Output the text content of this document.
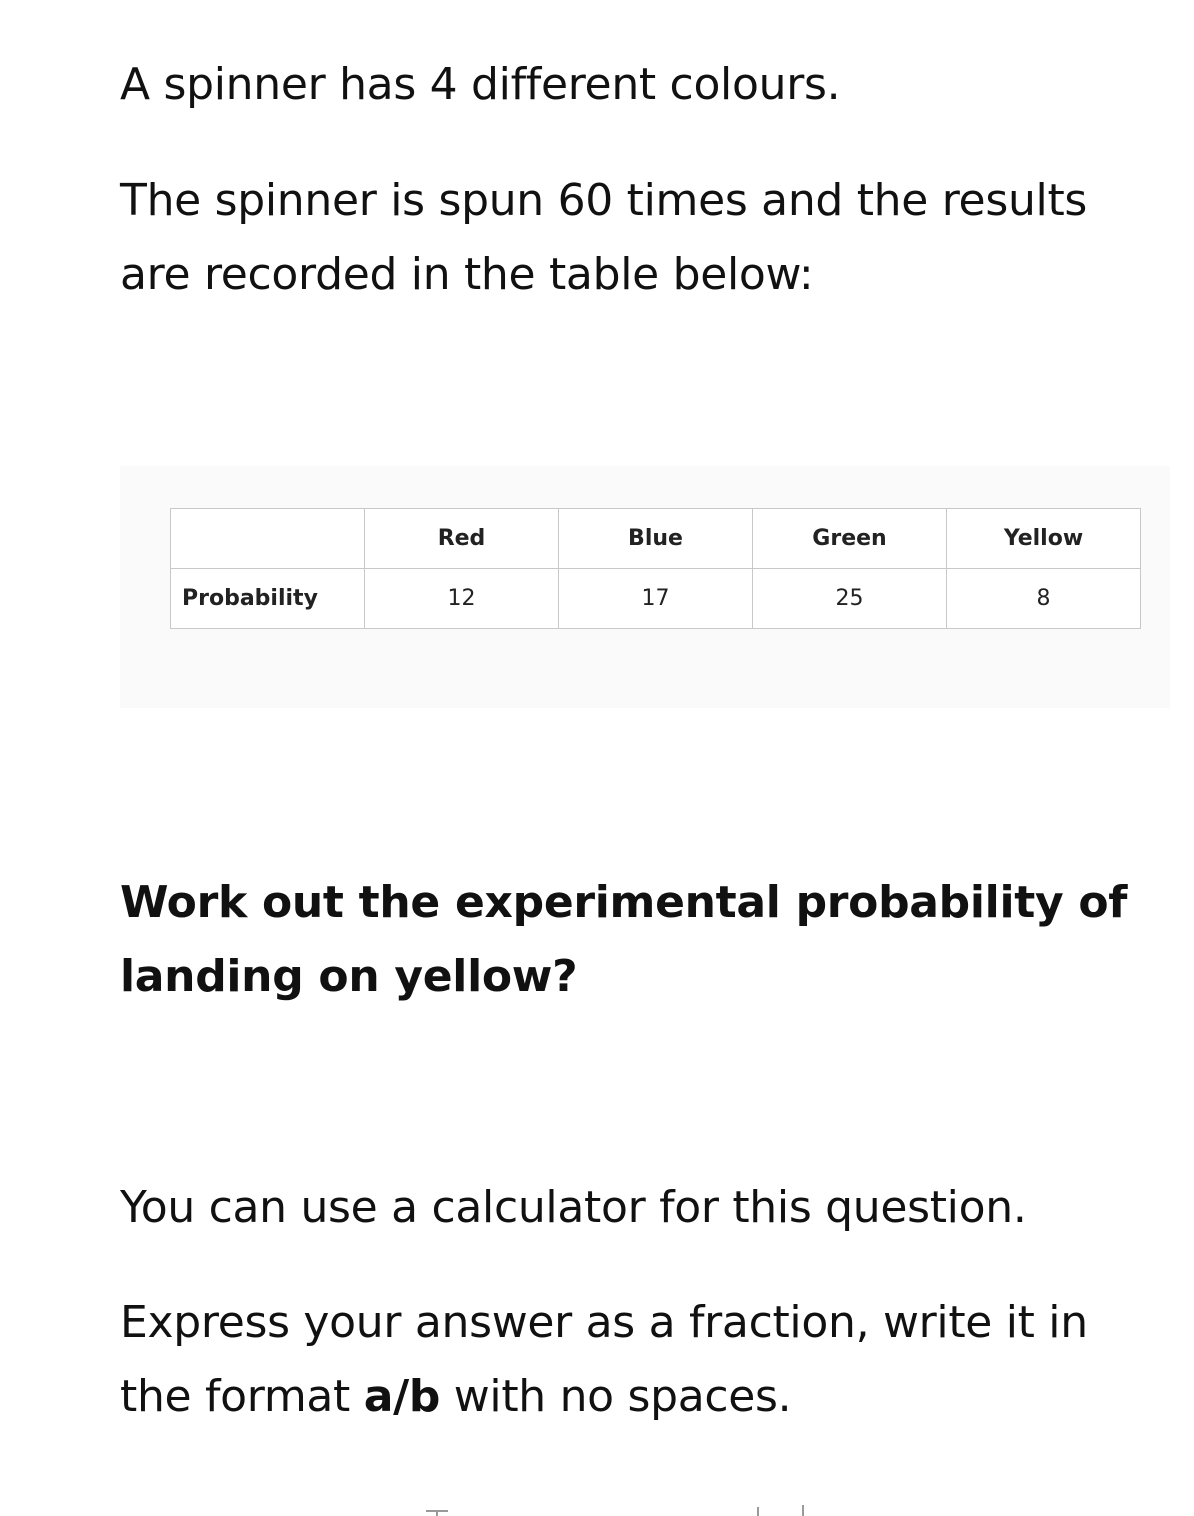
A spinner has 4 different colours.

The spinner is spun 60 times and the results
are recorded in the table below:

	Red	Blue	Green	Yellow
Probability	12	17	25	8

Work out the experimental probability of
landing on yellow?

You can use a calculator for this question.

Express your answer as a fraction, write it in
the format a/b with no spaces.
